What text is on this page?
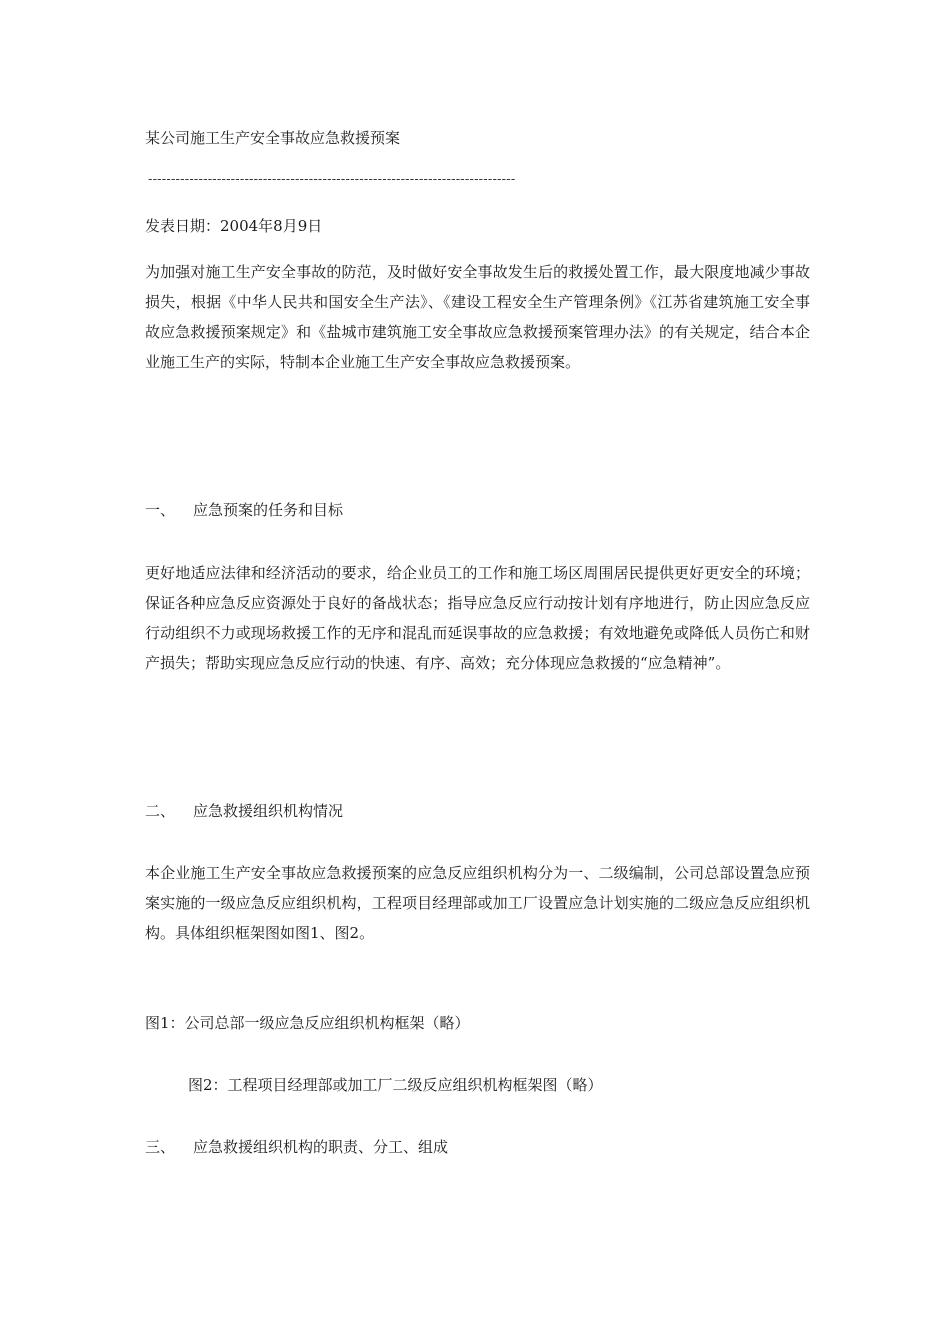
某公司施工生产安全事故应急救援预案
--------------------------------------------------------------------------------
发表日期：2004年8月9日
为加强对施工生产安全事故的防范，及时做好安全事故发生后的救援处置工作，最大限度地减少事故损失，根据《中华人民共和国安全生产法》、《建设工程安全生产管理条例》《江苏省建筑施工安全事故应急救援预案规定》和《盐城市建筑施工安全事故应急救援预案管理办法》的有关规定，结合本企业施工生产的实际，特制本企业施工生产安全事故应急救援预案。
一、 应急预案的任务和目标
更好地适应法律和经济活动的要求，给企业员工的工作和施工场区周围居民提供更好更安全的环境；保证各种应急反应资源处于良好的备战状态；指导应急反应行动按计划有序地进行，防止因应急反应行动组织不力或现场救援工作的无序和混乱而延误事故的应急救援；有效地避免或降低人员伤亡和财产损失；帮助实现应急反应行动的快速、有序、高效；充分体现应急救援的“应急精神”。
二、 应急救援组织机构情况
本企业施工生产安全事故应急救援预案的应急反应组织机构分为一、二级编制，公司总部设置急应预案实施的一级应急反应组织机构，工程项目经理部或加工厂设置应急计划实施的二级应急反应组织机构。具体组织框架图如图1、图2。
图1：公司总部一级应急反应组织机构框架（略）
图2：工程项目经理部或加工厂二级反应组织机构框架图（略）
三、 应急救援组织机构的职责、分工、组成
